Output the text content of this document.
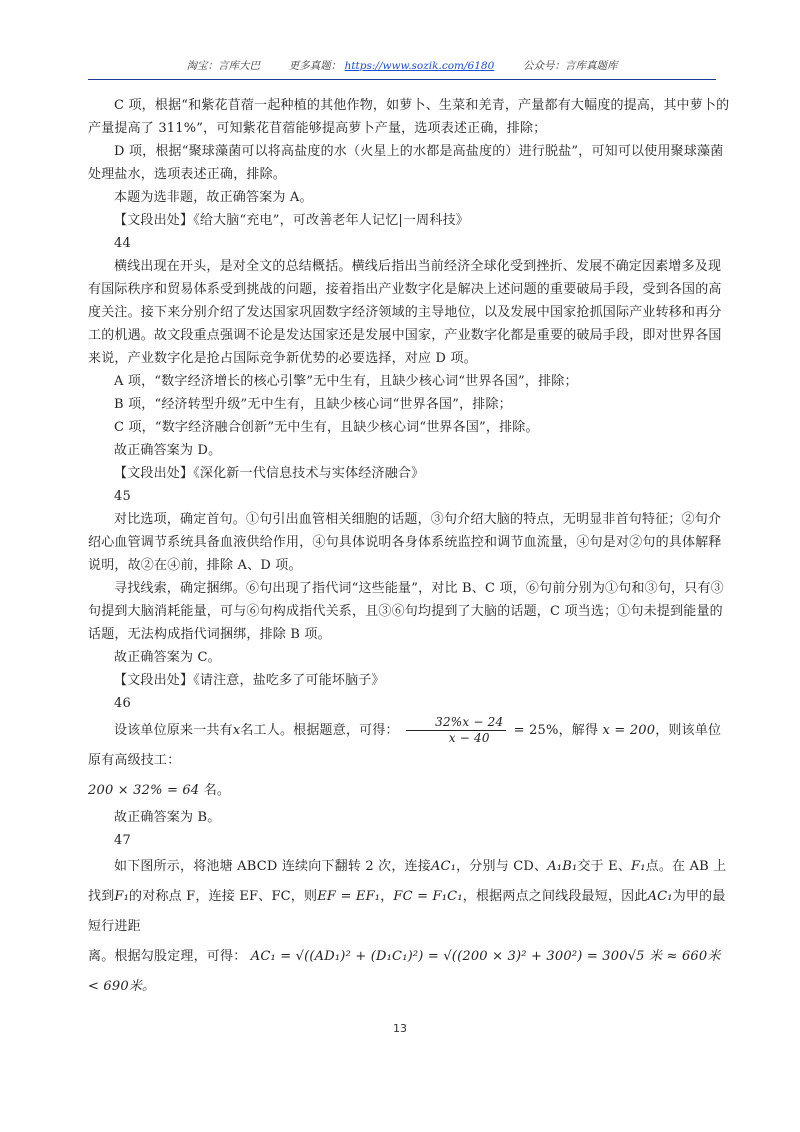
淘宝：言库大巴	更多真题： https://www.sozik.com/6180	公众号：言库真题库

C 项，根据“和紫花苜蓿一起种植的其他作物，如萝卜、生菜和羌青，产量都有大幅度的提高，其中萝卜的产量提高了 311%”，可知紫花苜蓿能够提高萝卜产量，选项表述正确，排除；

D 项，根据“聚球藻菌可以将高盐度的水（火星上的水都是高盐度的）进行脱盐”，可知可以使用聚球藻菌处理盐水，选项表述正确，排除。

本题为选非题，故正确答案为 A。

【文段出处】《给大脑“充电”，可改善老年人记忆|一周科技》

44

横线出现在开头，是对全文的总结概括。横线后指出当前经济全球化受到挫折、发展不确定因素增多及现有国际秩序和贸易体系受到挑战的问题，接着指出产业数字化是解决上述问题的重要破局手段，受到各国的高度关注。接下来分别介绍了发达国家巩固数字经济领域的主导地位，以及发展中国家抢抓国际产业转移和再分工的机遇。故文段重点强调不论是发达国家还是发展中国家，产业数字化都是重要的破局手段，即对世界各国来说，产业数字化是抢占国际竞争新优势的必要选择，对应 D 项。

A 项，“数字经济增长的核心引擎”无中生有，且缺少核心词“世界各国”，排除；

B 项，“经济转型升级”无中生有，且缺少核心词“世界各国”，排除；

C 项，“数字经济融合创新”无中生有，且缺少核心词“世界各国”，排除。

故正确答案为 D。

【文段出处】《深化新一代信息技术与实体经济融合》

45

对比选项，确定首句。①句引出血管相关细胞的话题，③句介绍大脑的特点，无明显非首句特征；②句介绍心血管调节系统具备血液供给作用，④句具体说明各身体系统监控和调节血流量，④句是对②句的具体解释说明，故②在④前，排除 A、D 项。

寻找线索，确定捆绑。⑥句出现了指代词“这些能量”，对比 B、C 项，⑥句前分别为①句和③句，只有③句提到大脑消耗能量，可与⑥句构成指代关系，且③⑥句均提到了大脑的话题，C 项当选；①句未提到能量的话题，无法构成指代词捆绑，排除 B 项。

故正确答案为 C。

【文段出处】《请注意，盐吃多了可能坏脑子》

46

设该单位原来一共有x名工人。根据题意，可得： $\frac{32\%x - 24}{x - 40} = 25\%$，解得 x = 200，则该单位原有高级技工：

200 × 32% = 64 名。

故正确答案为 B。

47

如下图所示，将池塘 ABCD 连续向下翻转 2 次，连接AC₁，分别与 CD、A₁B₁交于 E、F₁点。在 AB 上找到F₁的对称点 F，连接 EF、FC，则EF = EF₁，FC = F₁C₁，根据两点之间线段最短，因此AC₁为甲的最短行进距

离。根据勾股定理，可得： AC₁ = √((AD₁)² + (D₁C₁)²) = √((200 × 3)² + 300²) = 300√5 米 ≈ 660米 < 690米。

13
